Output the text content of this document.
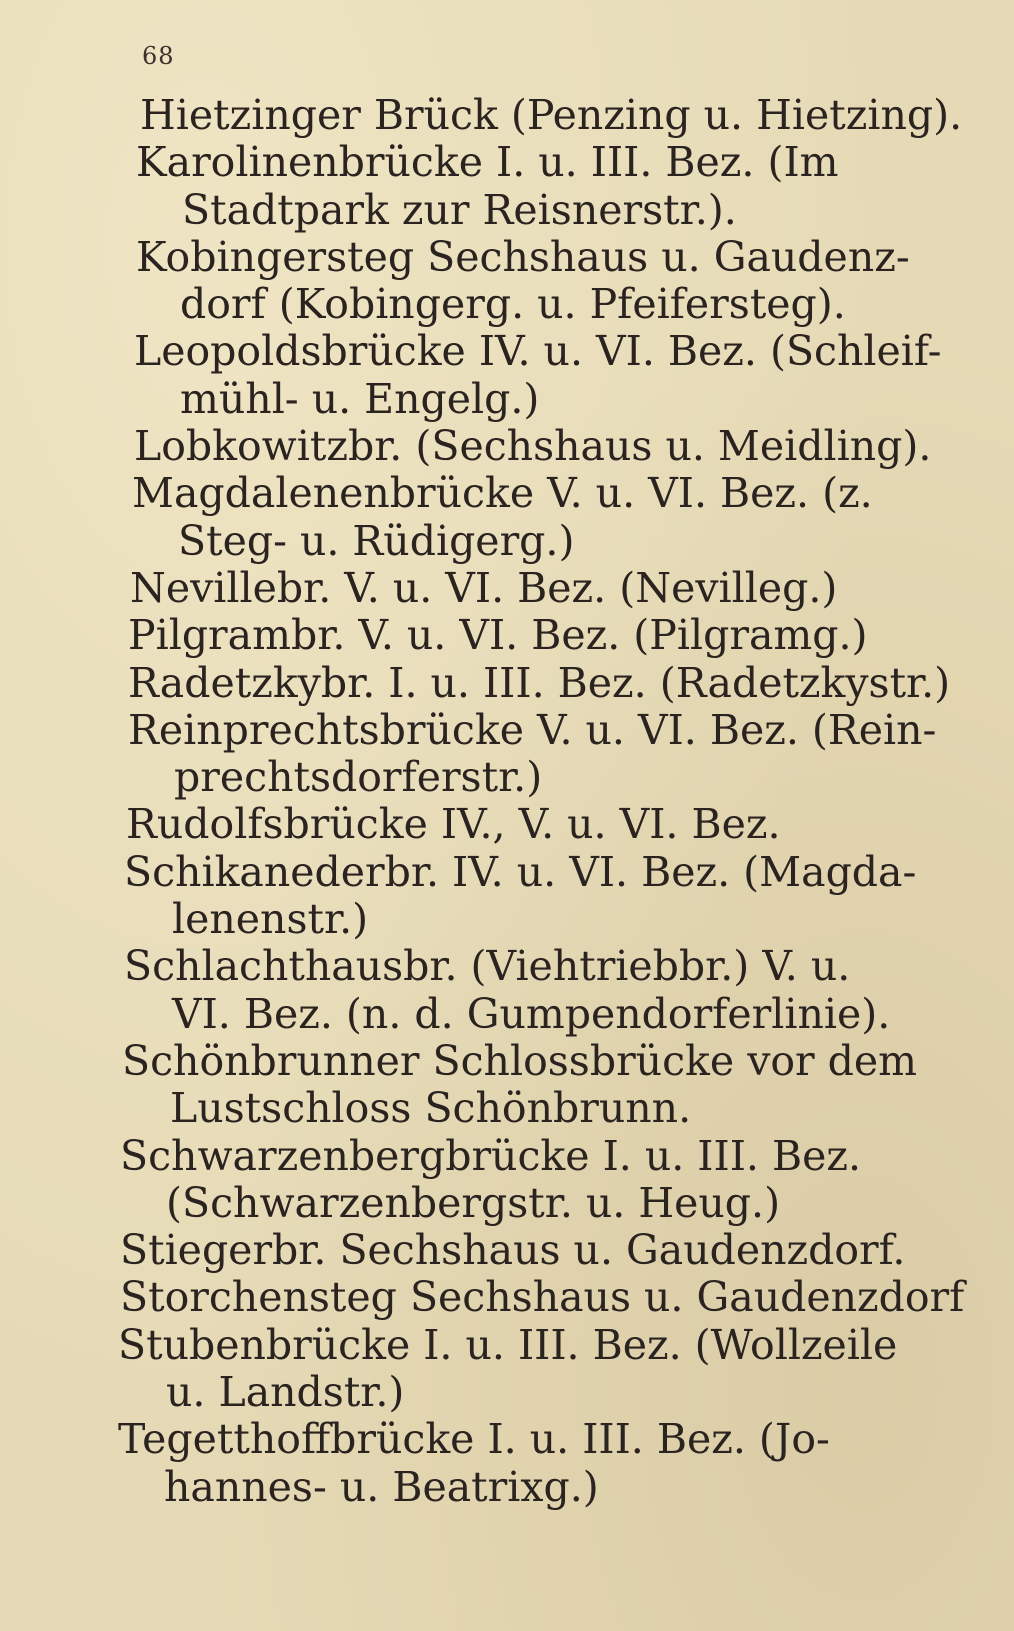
68
Hietzinger Brück (Penzing u. Hietzing).
Karolinenbrücke I. u. III. Bez. (Im
Stadtpark zur Reisnerstr.).
Kobingersteg Sechshaus u. Gaudenz-
dorf (Kobingerg. u. Pfeifersteg).
Leopoldsbrücke IV. u. VI. Bez. (Schleif-
mühl- u. Engelg.)
Lobkowitzbr. (Sechshaus u. Meidling).
Magdalenenbrücke V. u. VI. Bez. (z.
Steg- u. Rüdigerg.)
Nevillebr. V. u. VI. Bez. (Nevilleg.)
Pilgrambr. V. u. VI. Bez. (Pilgramg.)
Radetzkybr. I. u. III. Bez. (Radetzkystr.)
Reinprechtsbrücke V. u. VI. Bez. (Rein-
prechtsdorferstr.)
Rudolfsbrücke IV., V. u. VI. Bez.
Schikanederbr. IV. u. VI. Bez. (Magda-
lenenstr.)
Schlachthausbr. (Viehtriebbr.) V. u.
VI. Bez. (n. d. Gumpendorferlinie).
Schönbrunner Schlossbrücke vor dem
Lustschloss Schönbrunn.
Schwarzenbergbrücke I. u. III. Bez.
(Schwarzenbergstr. u. Heug.)
Stiegerbr. Sechshaus u. Gaudenzdorf.
Storchensteg Sechshaus u. Gaudenzdorf
Stubenbrücke I. u. III. Bez. (Wollzeile
u. Landstr.)
Tegetthoffbrücke I. u. III. Bez. (Jo-
hannes- u. Beatrixg.)
